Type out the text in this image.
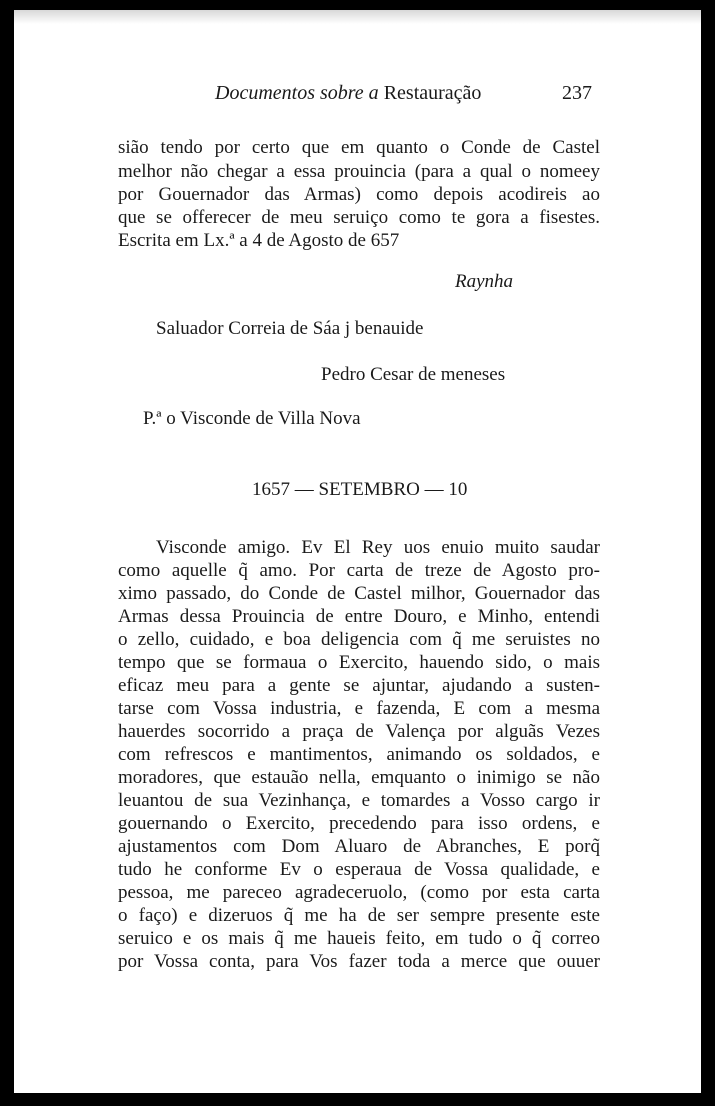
Documentos sobre a Restauração	237
sião tendo por certo que em quanto o Conde de Castel
melhor não chegar a essa prouincia (para a qual o nomeey
por Gouernador das Armas) como depois acodireis ao
que se offerecer de meu seruiço como te gora a fisestes.
Escrita em Lx.ª a 4 de Agosto de 657
Raynha
Saluador Correia de Sáa j benauide
Pedro Cesar de meneses
P.ª o Visconde de Villa Nova
1657 — SETEMBRO — 10
Visconde amigo. Ev El Rey uos enuio muito saudar
como aquelle q̃ amo. Por carta de treze de Agosto pro-
ximo passado, do Conde de Castel milhor, Gouernador das
Armas dessa Prouincia de entre Douro, e Minho, entendi
o zello, cuidado, e boa deligencia com q̃ me seruistes no
tempo que se formaua o Exercito, hauendo sido, o mais
eficaz meu para a gente se ajuntar, ajudando a susten-
tarse com Vossa industria, e fazenda, E com a mesma
hauerdes socorrido a praça de Valença por alguãs Vezes
com refrescos e mantimentos, animando os soldados, e
moradores, que estauão nella, emquanto o inimigo se não
leuantou de sua Vezinhança, e tomardes a Vosso cargo ir
gouernando o Exercito, precedendo para isso ordens, e
ajustamentos com Dom Aluaro de Abranches, E porq̃
tudo he conforme Ev o esperaua de Vossa qualidade, e
pessoa, me pareceo agradeceruolo, (como por esta carta
o faço) e dizeruos q̃ me ha de ser sempre presente este
seruico e os mais q̃ me haueis feito, em tudo o q̃ correo
por Vossa conta, para Vos fazer toda a merce que ouuer
